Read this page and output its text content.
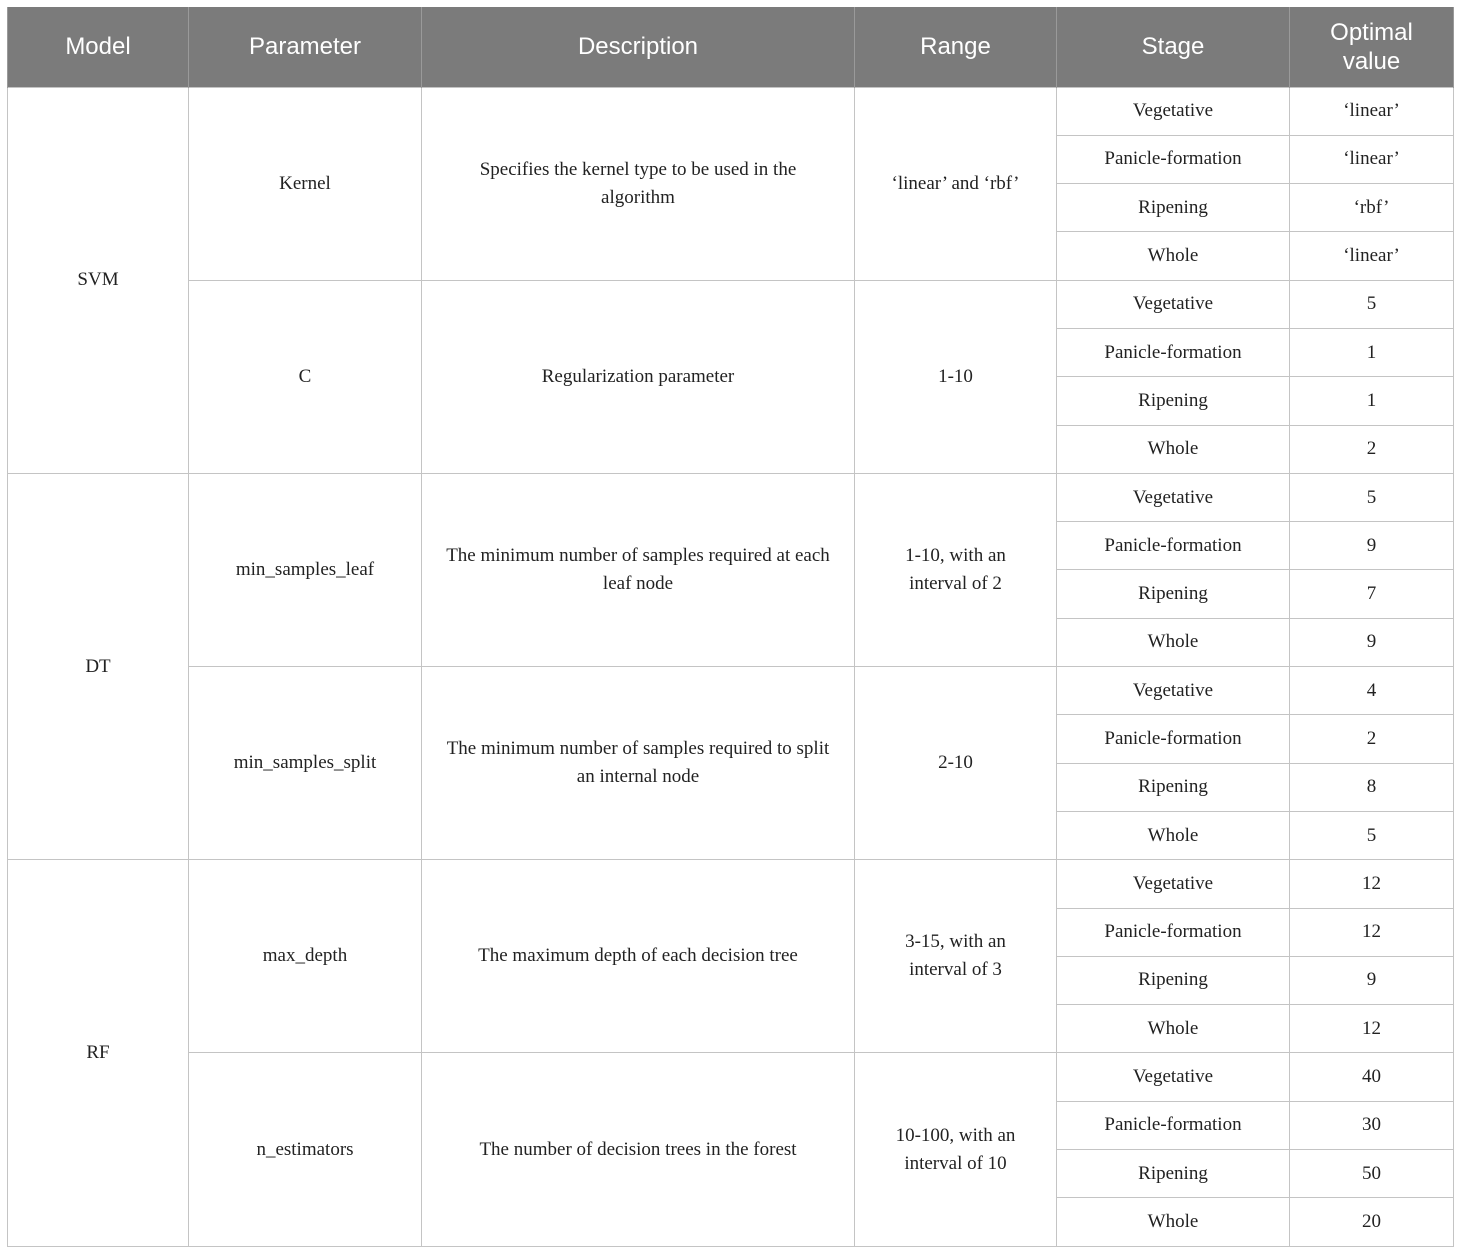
Model	Parameter	Description	Range	Stage	Optimal
value
SVM	Kernel	Specifies the kernel type to be used in the algorithm	‘linear’ and ‘rbf’	Vegetative	‘linear’
				Panicle-formation	‘linear’
				Ripening	‘rbf’
				Whole	‘linear’
	C	Regularization parameter	1-10	Vegetative	5
				Panicle-formation	1
				Ripening	1
				Whole	2
DT	min_samples_leaf	The minimum number of samples required at each leaf node	1-10, with an interval of 2	Vegetative	5
				Panicle-formation	9
				Ripening	7
				Whole	9
	min_samples_split	The minimum number of samples required to split an internal node	2-10	Vegetative	4
				Panicle-formation	2
				Ripening	8
				Whole	5
RF	max_depth	The maximum depth of each decision tree	3-15, with an interval of 3	Vegetative	12
				Panicle-formation	12
				Ripening	9
				Whole	12
	n_estimators	The number of decision trees in the forest	10-100, with an interval of 10	Vegetative	40
				Panicle-formation	30
				Ripening	50
				Whole	20
